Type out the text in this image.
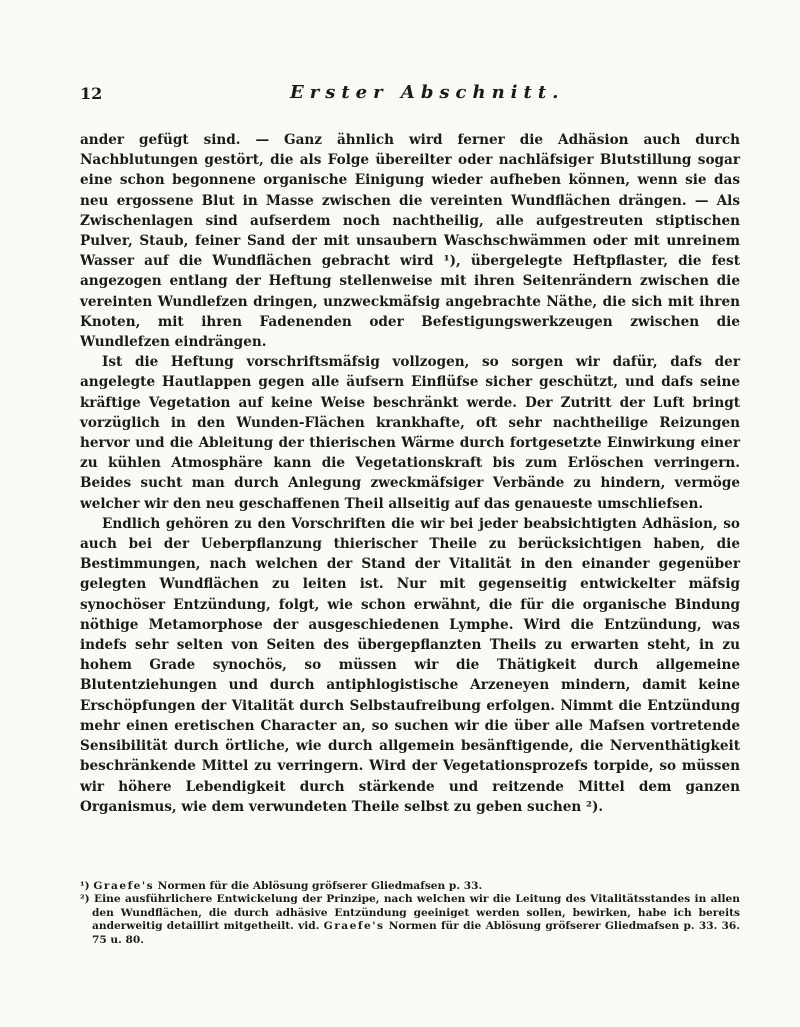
12	Erster Abschnitt.

ander gefügt sind. — Ganz ähnlich wird ferner die Adhäsion auch durch Nachblutungen gestört, die als Folge übereilter oder nachläfsiger Blutstillung sogar eine schon begonnene organische Einigung wieder aufheben können, wenn sie das neu ergossene Blut in Masse zwischen die vereinten Wundflächen drängen. — Als Zwischenlagen sind aufserdem noch nachtheilig, alle aufgestreuten stiptischen Pulver, Staub, feiner Sand der mit unsaubern Waschschwämmen oder mit unreinem Wasser auf die Wundflächen gebracht wird ¹), übergelegte Heftpflaster, die fest angezogen entlang der Heftung stellenweise mit ihren Seitenrändern zwischen die vereinten Wundlefzen dringen, unzweckmäfsig angebrachte Näthe, die sich mit ihren Knoten, mit ihren Fadenenden oder Befestigungswerkzeugen zwischen die Wundlefzen eindrängen.

Ist die Heftung vorschriftsmäfsig vollzogen, so sorgen wir dafür, dafs der angelegte Hautlappen gegen alle äufsern Einflüfse sicher geschützt, und dafs seine kräftige Vegetation auf keine Weise beschränkt werde. Der Zutritt der Luft bringt vorzüglich in den Wunden-Flächen krankhafte, oft sehr nachtheilige Reizungen hervor und die Ableitung der thierischen Wärme durch fortgesetzte Einwirkung einer zu kühlen Atmosphäre kann die Vegetationskraft bis zum Erlöschen verringern. Beides sucht man durch Anlegung zweckmäfsiger Verbände zu hindern, vermöge welcher wir den neu geschaffenen Theil allseitig auf das genaueste umschliefsen.

Endlich gehören zu den Vorschriften die wir bei jeder beabsichtigten Adhäsion, so auch bei der Ueberpflanzung thierischer Theile zu berücksichtigen haben, die Bestimmungen, nach welchen der Stand der Vitalität in den einander gegenüber gelegten Wundflächen zu leiten ist. Nur mit gegenseitig entwickelter mäfsig synochöser Entzündung, folgt, wie schon erwähnt, die für die organische Bindung nöthige Metamorphose der ausgeschiedenen Lymphe. Wird die Entzündung, was indefs sehr selten von Seiten des übergepflanzten Theils zu erwarten steht, in zu hohem Grade synochös, so müssen wir die Thätigkeit durch allgemeine Blutentziehungen und durch antiphlogistische Arzeneyen mindern, damit keine Erschöpfungen der Vitalität durch Selbstaufreibung erfolgen. Nimmt die Entzündung mehr einen eretischen Character an, so suchen wir die über alle Mafsen vortretende Sensibilität durch örtliche, wie durch allgemein besänftigende, die Nerventhätigkeit beschränkende Mittel zu verringern. Wird der Vegetationsprozefs torpide, so müssen wir höhere Lebendigkeit durch stärkende und reitzende Mittel dem ganzen Organismus, wie dem verwundeten Theile selbst zu geben suchen ²).

¹) Graefe's Normen für die Ablösung gröfserer Gliedmafsen p. 33.

²) Eine ausführlichere Entwickelung der Prinzipe, nach welchen wir die Leitung des Vitalitätsstandes in allen den Wundflächen, die durch adhäsive Entzündung geeiniget werden sollen, bewirken, habe ich bereits anderweitig detaillirt mitgetheilt. vid. Graefe's Normen für die Ablösung gröfserer Gliedmafsen p. 33. 36. 75 u. 80.
